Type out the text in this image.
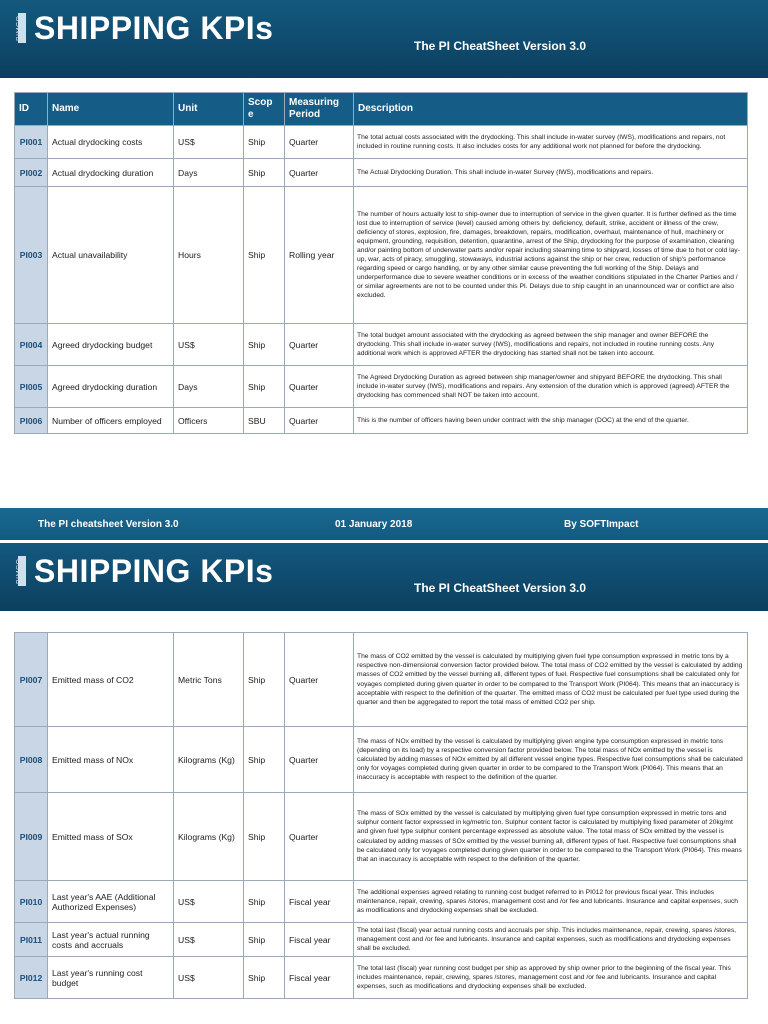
BIMCO SHIPPING KPIs	The PI CheatSheet Version 3.0
ID	Name	Unit	Scop e	Measuring Period	Description
PI001	Actual drydocking costs	US$	Ship	Quarter	The total actual costs associated with the drydocking. This shall include in-water survey (IWS), modifications and repairs, not included in routine running costs. It also includes costs for any additional work not planned for before the drydocking.
PI002	Actual drydocking duration	Days	Ship	Quarter	The Actual Drydocking Duration. This shall include in-water Survey (IWS), modifications and repairs.
PI003	Actual unavailability	Hours	Ship	Rolling year	The number of hours actually lost to ship-owner due to interruption of service in the given quarter. It is further defined as the time lost due to interruption of service (level) caused among others by: deficiency, default, strike, accident or illness of the crew, deficiency of stores, explosion, fire, damages, breakdown, repairs, modification, overhaul, maintenance of hull, machinery or equipment, grounding, requisition, detention, quarantine, arrest of the Ship, drydocking for the purpose of examination, cleaning and/or painting bottom of underwater parts and/or repair including steaming time to shipyard, losses of time due to hot or cold lay-up, war, acts of piracy, smuggling, stowaways, industrial actions against the ship or her crew, reduction of ship's performance regarding speed or cargo handling, or by any other similar cause preventing the full working of the Ship. Delays and underperformance due to severe weather conditions or in excess of the weather conditions stipulated in the Charter Parties and / or similar agreements are not to be counted under this PI. Delays due to ship caught in an unannounced war or conflict are also excluded.
PI004	Agreed drydocking budget	US$	Ship	Quarter	The total budget amount associated with the drydocking as agreed between the ship manager and owner BEFORE the drydocking. This shall include in-water survey (IWS), modifications and repairs, not included in routine running costs. Any additional work which is approved AFTER the drydocking has started shall not be taken into account.
PI005	Agreed drydocking duration	Days	Ship	Quarter	The Agreed Drydocking Duration as agreed between ship manager/owner and shipyard BEFORE the drydocking. This shall include in-water survey (IWS), modifications and repairs. Any extension of the duration which is approved (agreed) AFTER the drydocking has commenced shall NOT be taken into account.
PI006	Number of officers employed	Officers	SBU	Quarter	This is the number of officers having been under contract with the ship manager (DOC) at the end of the quarter.
The PI cheatsheet Version 3.0	01 January 2018	By SOFTImpact
BIMCO SHIPPING KPIs	The PI CheatSheet Version 3.0
PI007	Emitted mass of CO2	Metric Tons	Ship	Quarter	The mass of CO2 emitted by the vessel is calculated by multiplying given fuel type consumption expressed in metric tons by a respective non-dimensional conversion factor provided below. The total mass of CO2 emitted by the vessel is calculated by adding masses of CO2 emitted by the vessel burning all, different types of fuel. Respective fuel consumptions shall be calculated only for voyages completed during given quarter in order to be compared to the Transport Work (PI064). This means that an inaccuracy is acceptable with respect to the definition of the quarter. The emitted mass of CO2 must be calculated per fuel type used during the quarter and then be aggregated to report the total mass of emitted CO2 per ship.
PI008	Emitted mass of NOx	Kilograms (Kg)	Ship	Quarter	The mass of NOx emitted by the vessel is calculated by multiplying given engine type consumption expressed in metric tons (depending on its load) by a respective conversion factor provided below. The total mass of NOx emitted by the vessel is calculated by adding masses of NOx emitted by all different vessel engine types. Respective fuel consumptions shall be calculated only for voyages completed during given quarter in order to be compared to the Transport Work (PI064). This means that an inaccuracy is acceptable with respect to the definition of the quarter.
PI009	Emitted mass of SOx	Kilograms (Kg)	Ship	Quarter	The mass of SOx emitted by the vessel is calculated by multiplying given fuel type consumption expressed in metric tons and sulphur content factor expressed in kg/metric ton. Sulphur content factor is calculated by multiplying fixed parameter of 20kg/mt and given fuel type sulphur content percentage expressed as absolute value. The total mass of SOx emitted by the vessel is calculated by adding masses of SOx emitted by the vessel burning all, different types of fuel. Respective fuel consumptions shall be calculated only for voyages completed during given quarter in order to be compared to the Transport Work (PI064). This means that an inaccuracy is acceptable with respect to the definition of the quarter.
PI010	Last year's AAE (Additional Authorized Expenses)	US$	Ship	Fiscal year	The additional expenses agreed relating to running cost budget referred to in PI012 for previous fiscal year. This includes maintenance, repair, crewing, spares /stores, management cost and /or fee and lubricants. Insurance and capital expenses, such as modifications and drydocking expenses shall be excluded.
PI011	Last year's actual running costs and accruals	US$	Ship	Fiscal year	The total last (fiscal) year actual running costs and accruals per ship. This includes maintenance, repair, crewing, spares /stores, management cost and /or fee and lubricants. Insurance and capital expenses, such as modifications and drydocking expenses shall be excluded.
PI012	Last year's running cost budget	US$	Ship	Fiscal year	The total last (fiscal) year running cost budget per ship as approved by ship owner prior to the beginning of the fiscal year. This includes maintenance, repair, crewing, spares /stores, management cost and /or fee and lubricants. Insurance and capital expenses, such as modifications and drydocking expenses shall be excluded.
